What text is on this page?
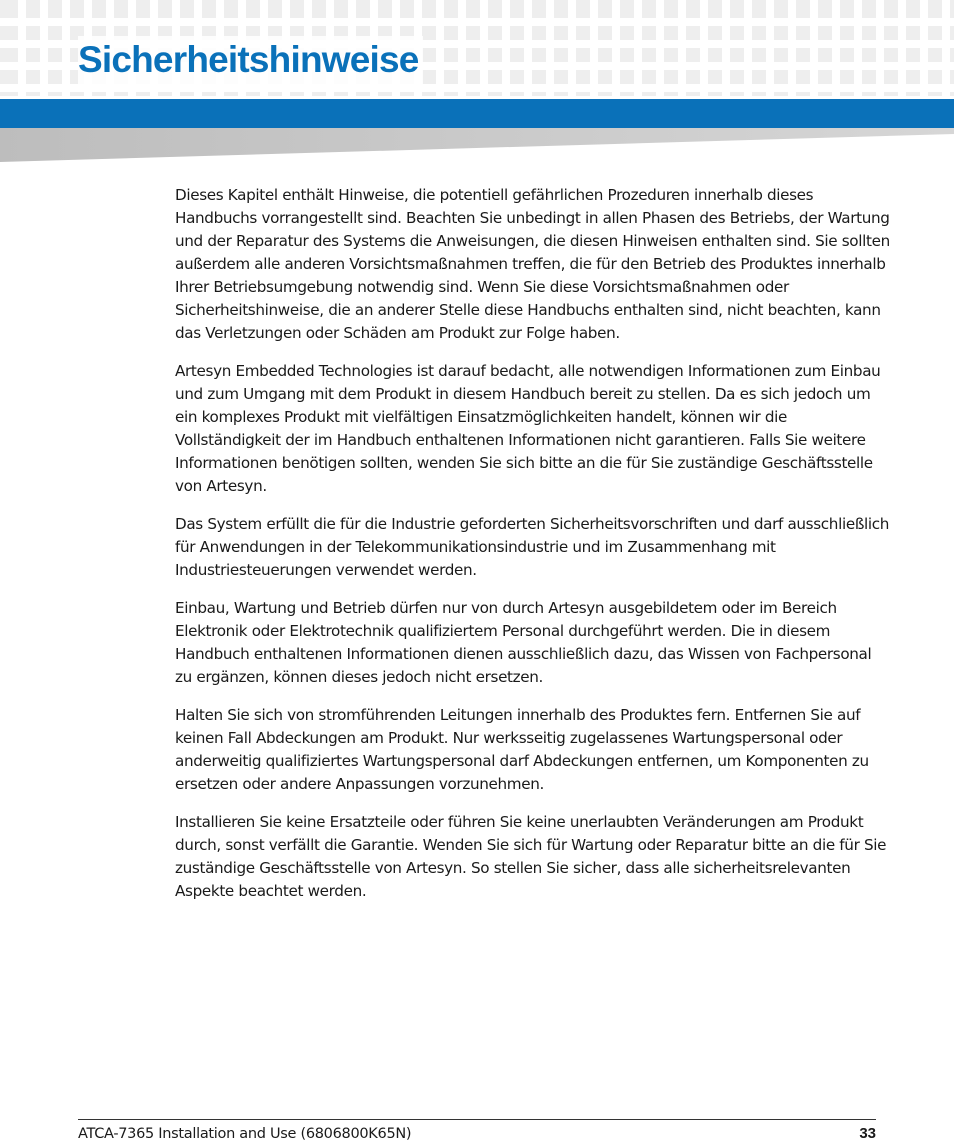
Sicherheitshinweise

Dieses Kapitel enthält Hinweise, die potentiell gefährlichen Prozeduren innerhalb dieses Handbuchs vorrangestellt sind. Beachten Sie unbedingt in allen Phasen des Betriebs, der Wartung und der Reparatur des Systems die Anweisungen, die diesen Hinweisen enthalten sind. Sie sollten außerdem alle anderen Vorsichtsmaßnahmen treffen, die für den Betrieb des Produktes innerhalb Ihrer Betriebsumgebung notwendig sind. Wenn Sie diese Vorsichtsmaßnahmen oder Sicherheitshinweise, die an anderer Stelle diese Handbuchs enthalten sind, nicht beachten, kann das Verletzungen oder Schäden am Produkt zur Folge haben.

Artesyn Embedded Technologies ist darauf bedacht, alle notwendigen Informationen zum Einbau und zum Umgang mit dem Produkt in diesem Handbuch bereit zu stellen. Da es sich jedoch um ein komplexes Produkt mit vielfältigen Einsatzmöglichkeiten handelt, können wir die Vollständigkeit der im Handbuch enthaltenen Informationen nicht garantieren. Falls Sie weitere Informationen benötigen sollten, wenden Sie sich bitte an die für Sie zuständige Geschäftsstelle von Artesyn.

Das System erfüllt die für die Industrie geforderten Sicherheitsvorschriften und darf ausschließlich für Anwendungen in der Telekommunikationsindustrie und im Zusammenhang mit Industriesteuerungen verwendet werden.

Einbau, Wartung und Betrieb dürfen nur von durch Artesyn ausgebildetem oder im Bereich Elektronik oder Elektrotechnik qualifiziertem Personal durchgeführt werden. Die in diesem Handbuch enthaltenen Informationen dienen ausschließlich dazu, das Wissen von Fachpersonal zu ergänzen, können dieses jedoch nicht ersetzen.

Halten Sie sich von stromführenden Leitungen innerhalb des Produktes fern. Entfernen Sie auf keinen Fall Abdeckungen am Produkt. Nur werksseitig zugelassenes Wartungspersonal oder anderweitig qualifiziertes Wartungspersonal darf Abdeckungen entfernen, um Komponenten zu ersetzen oder andere Anpassungen vorzunehmen.

Installieren Sie keine Ersatzteile oder führen Sie keine unerlaubten Veränderungen am Produkt durch, sonst verfällt die Garantie. Wenden Sie sich für Wartung oder Reparatur bitte an die für Sie zuständige Geschäftsstelle von Artesyn. So stellen Sie sicher, dass alle sicherheitsrelevanten Aspekte beachtet werden.

ATCA-7365 Installation and Use (6806800K65N)	33
